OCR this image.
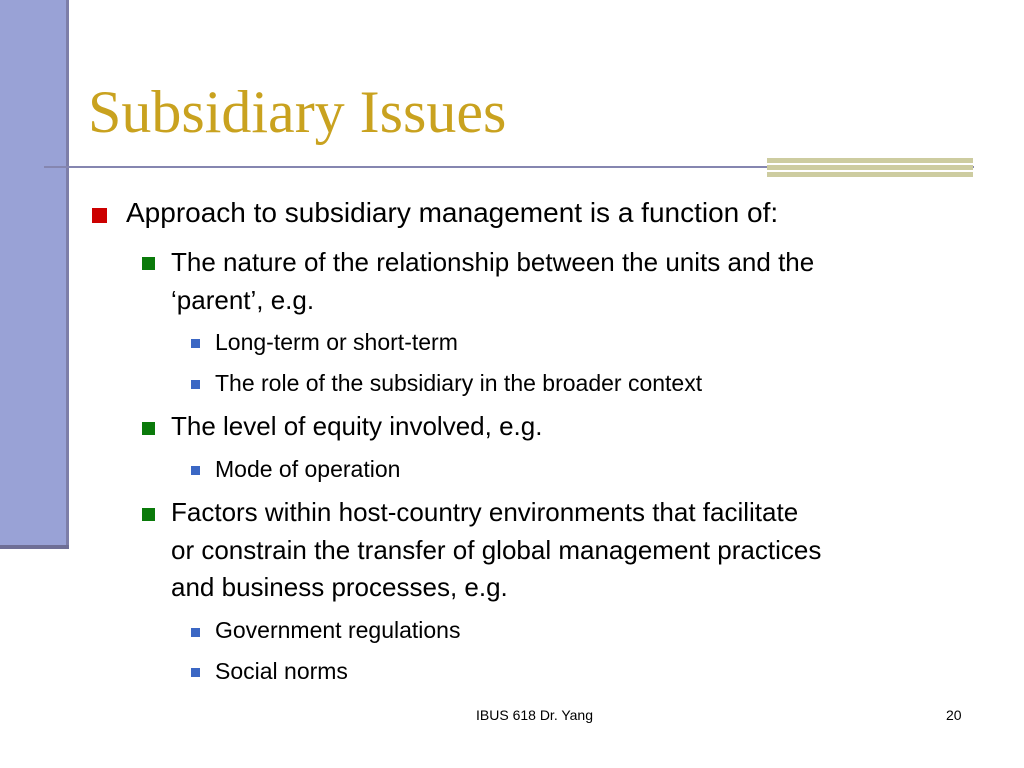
Subsidiary Issues
Approach to subsidiary management is a function of:
The nature of the relationship between the units and the
‘parent’, e.g.
Long-term or short-term
The role of the subsidiary in the broader context
The level of equity involved, e.g.
Mode of operation
Factors within host-country environments that facilitate
or constrain the transfer of global management practices
and business processes, e.g.
Government regulations
Social norms
IBUS 618 Dr. Yang	20
